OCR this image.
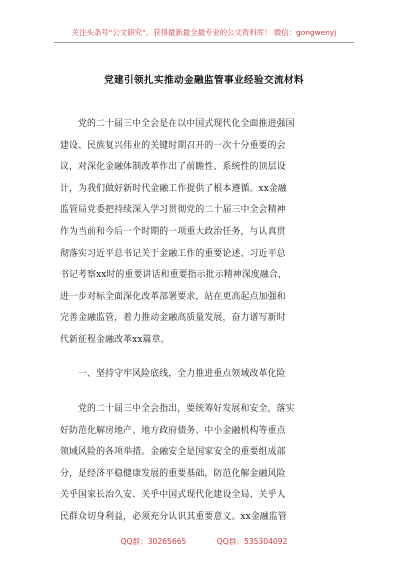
关注头条号“公文研究”，获得最新最全最专业的公文资料库！ 微信：gongwenyj
党建引领扎实推动金融监管事业经验交流材料
党的二十届三中全会是在以中国式现代化全面推进强国
建设、民族复兴伟业的关键时期召开的一次十分重要的会
议，对深化金融体制改革作出了前瞻性、系统性的顶层设
计，为我们做好新时代金融工作提供了根本遵循。xx金融
监管局党委把持续深入学习贯彻党的二十届三中全会精神
作为当前和今后一个时期的一项重大政治任务，与认真贯
彻落实习近平总书记关于金融工作的重要论述、习近平总
书记考察xx时的重要讲话和重要指示批示精神深度融合，
进一步对标全面深化改革部署要求，站在更高起点加强和
完善金融监管，着力推动金融高质量发展，奋力谱写新时
代新征程金融改革xx篇章。
一、坚持守牢风险底线，全力推进重点领域改革化险
党的二十届三中全会指出，要统筹好发展和安全，落实
好防范化解房地产、地方政府债务、中小金融机构等重点
领域风险的各项举措。金融安全是国家安全的重要组成部
分，是经济平稳健康发展的重要基础，防范化解金融风险
关乎国家长治久安、关乎中国式现代化建设全局、关乎人
民群众切身利益，必须充分认识其重要意义。xx金融监管
QQ群：30265665	QQ群：535304092
